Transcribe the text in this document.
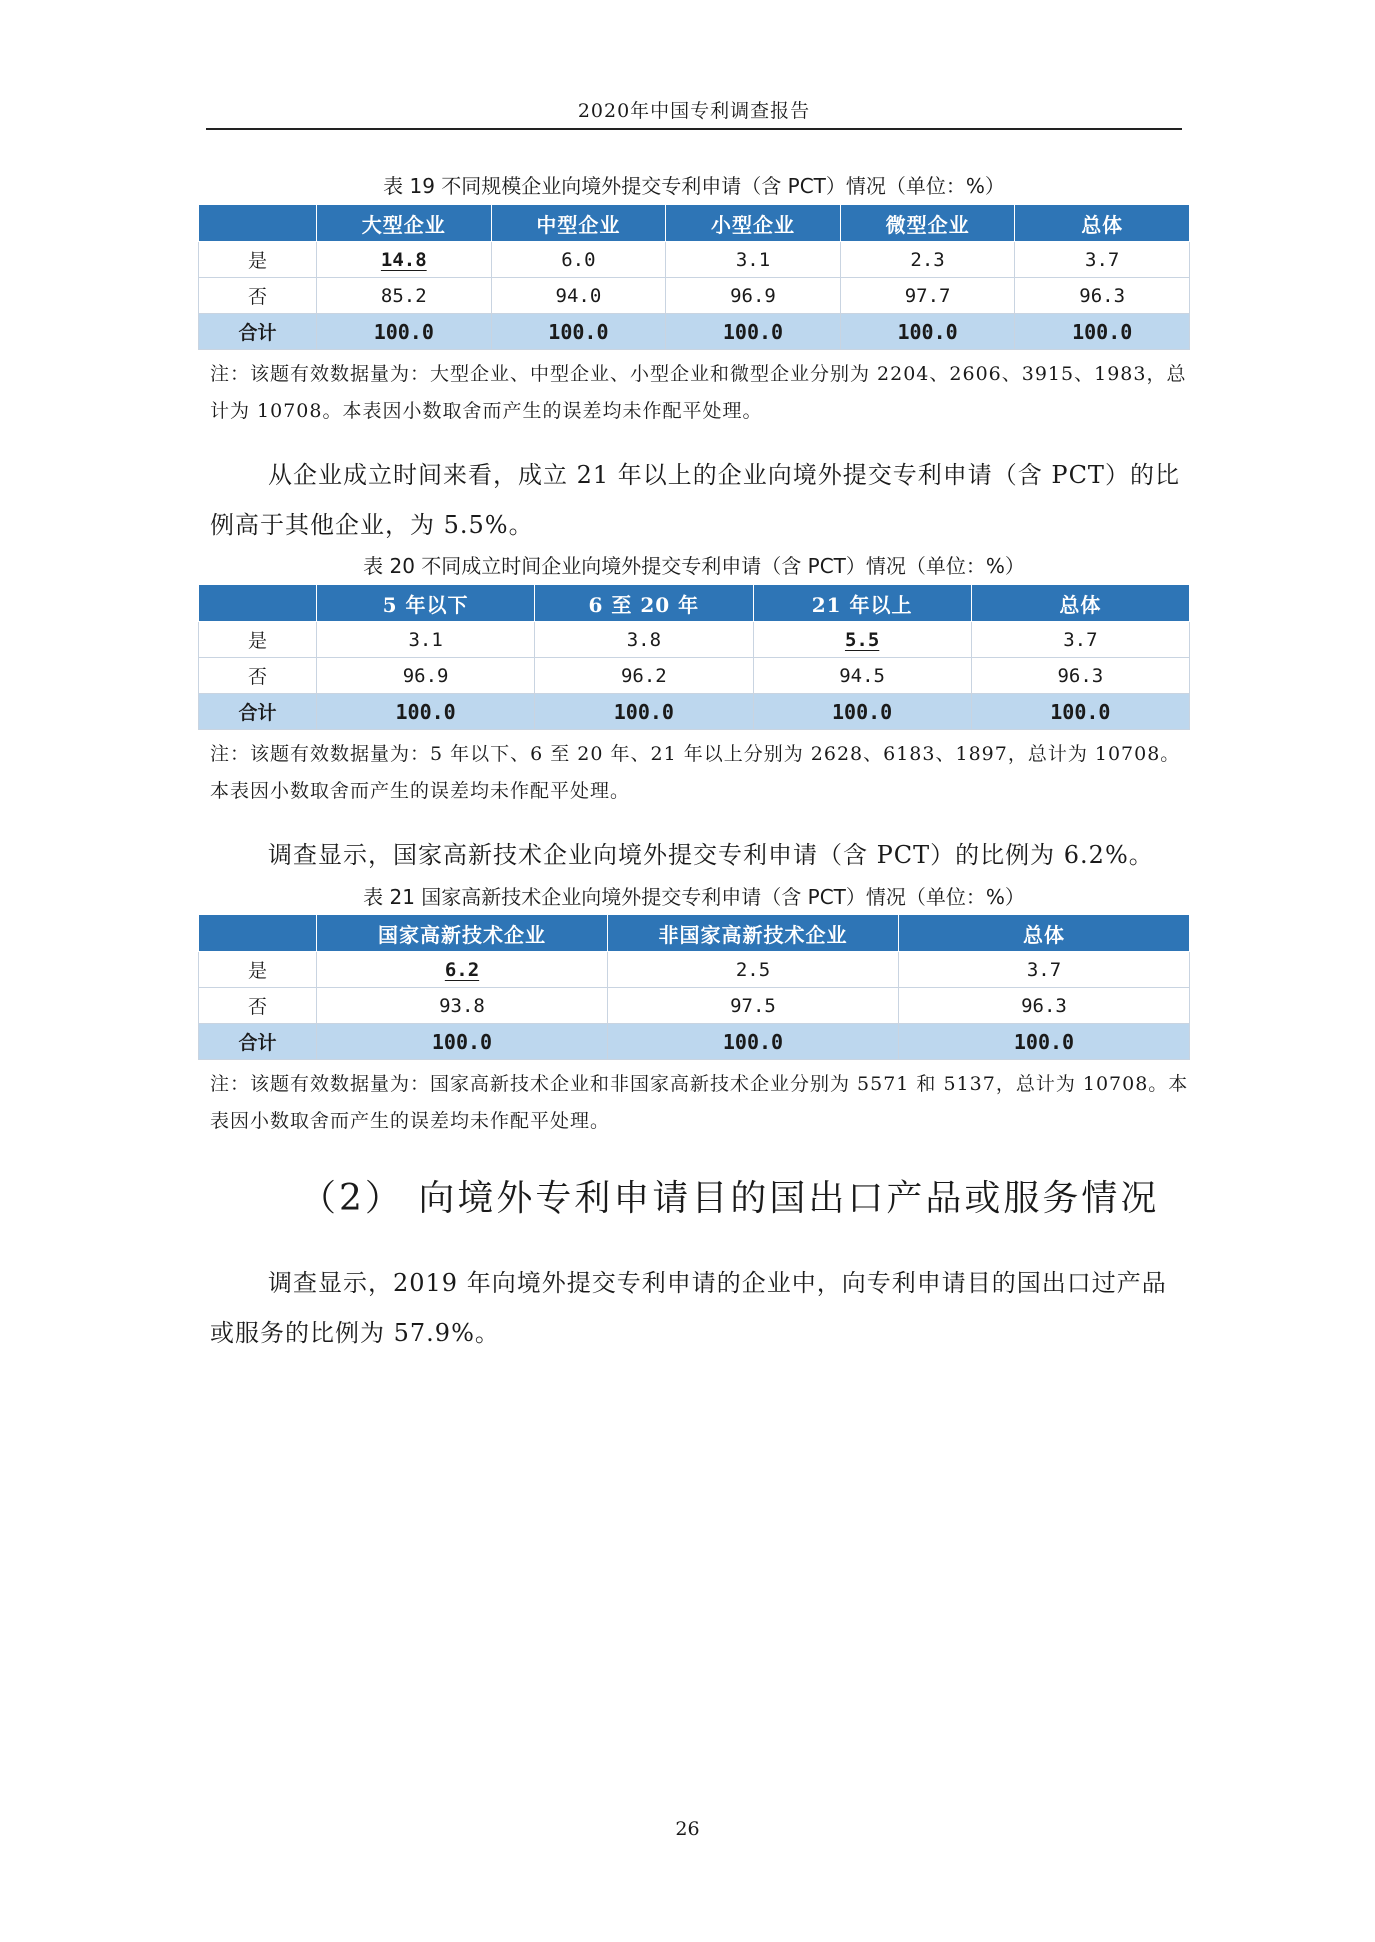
2020年中国专利调查报告
表 19 不同规模企业向境外提交专利申请（含 PCT）情况（单位：%）
	大型企业	中型企业	小型企业	微型企业	总体
是	14.8	6.0	3.1	2.3	3.7
否	85.2	94.0	96.9	97.7	96.3
合计	100.0	100.0	100.0	100.0	100.0
注：该题有效数据量为：大型企业、中型企业、小型企业和微型企业分别为 2204、2606、3915、1983，总计为 10708。本表因小数取舍而产生的误差均未作配平处理。
从企业成立时间来看，成立 21 年以上的企业向境外提交专利申请（含 PCT）的比例高于其他企业，为 5.5%。
表 20 不同成立时间企业向境外提交专利申请（含 PCT）情况（单位：%）
	5 年以下	6 至 20 年	21 年以上	总体
是	3.1	3.8	5.5	3.7
否	96.9	96.2	94.5	96.3
合计	100.0	100.0	100.0	100.0
注：该题有效数据量为：5 年以下、6 至 20 年、21 年以上分别为 2628、6183、1897，总计为 10708。本表因小数取舍而产生的误差均未作配平处理。
调查显示，国家高新技术企业向境外提交专利申请（含 PCT）的比例为 6.2%。
表 21 国家高新技术企业向境外提交专利申请（含 PCT）情况（单位：%）
	国家高新技术企业	非国家高新技术企业	总体
是	6.2	2.5	3.7
否	93.8	97.5	96.3
合计	100.0	100.0	100.0
注：该题有效数据量为：国家高新技术企业和非国家高新技术企业分别为 5571 和 5137，总计为 10708。本表因小数取舍而产生的误差均未作配平处理。
（2） 向境外专利申请目的国出口产品或服务情况
调查显示，2019 年向境外提交专利申请的企业中，向专利申请目的国出口过产品或服务的比例为 57.9%。
26
